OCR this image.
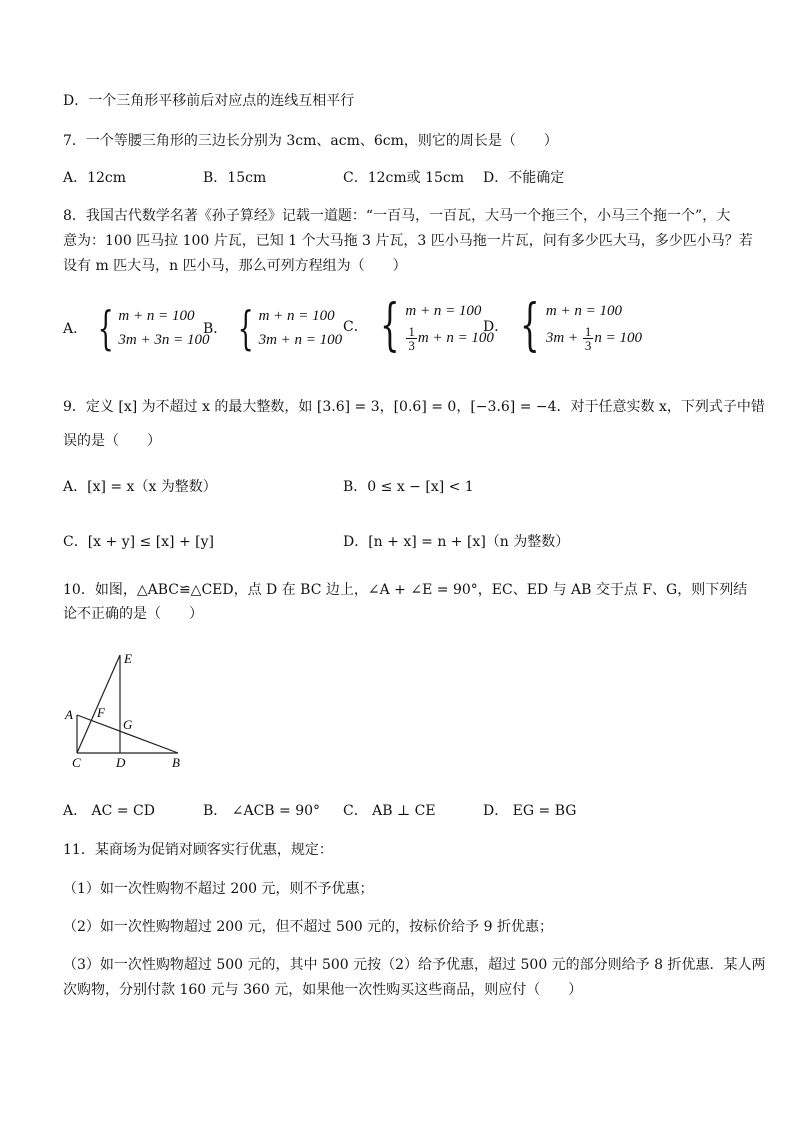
D．一个三角形平移前后对应点的连线互相平行
7．一个等腰三角形的三边长分别为 3cm、acm、6cm，则它的周长是（　　）
A．12cm	B．15cm	C．12cm或 15cm D．不能确定
8．我国古代数学名著《孙子算经》记载一道题：“一百马，一百瓦，大马一个拖三个，小马三个拖一个”，大
意为：100 匹马拉 100 片瓦，已知 1 个大马拖 3 片瓦，3 匹小马拖一片瓦，问有多少匹大马，多少匹小马？若
设有 m 匹大马，n 匹小马，那么可列方程组为（　　）
A． { m + n = 100
3m + 3n = 100
B． { m + n = 100
3m + n = 100
C． { m + n = 100
$\frac{1}{3}$ m + n = 100
D． { m + n = 100
$3m + \frac{1}{3}$ n = 100
9．定义 [x] 为不超过 x 的最大整数，如 [3.6] = 3，[0.6] = 0，[−3.6] = −4．对于任意实数 x，下列式子中错
误的是（　　）
A．[x] = x（x 为整数）	B．0 ≤ x − [x] < 1
C．[x + y] ≤ [x] + [y]	D．[n + x] = n + [x]（n 为整数）
10．如图，△ABC≌△CED，点 D 在 BC 边上，∠A + ∠E = 90°，EC、ED 与 AB 交于点 F、G，则下列结
论不正确的是（　　）
E
A F
G
C	D	B
A． AC = CD	B． ∠ACB = 90° C． AB ⊥ CE	D． EG = BG
11．某商场为促销对顾客实行优惠，规定：
（1）如一次性购物不超过 200 元，则不予优惠；
（2）如一次性购物超过 200 元，但不超过 500 元的，按标价给予 9 折优惠；
（3）如一次性购物超过 500 元的，其中 500 元按（2）给予优惠，超过 500 元的部分则给予 8 折优惠．某人两
次购物，分别付款 160 元与 360 元，如果他一次性购买这些商品，则应付（　　）
